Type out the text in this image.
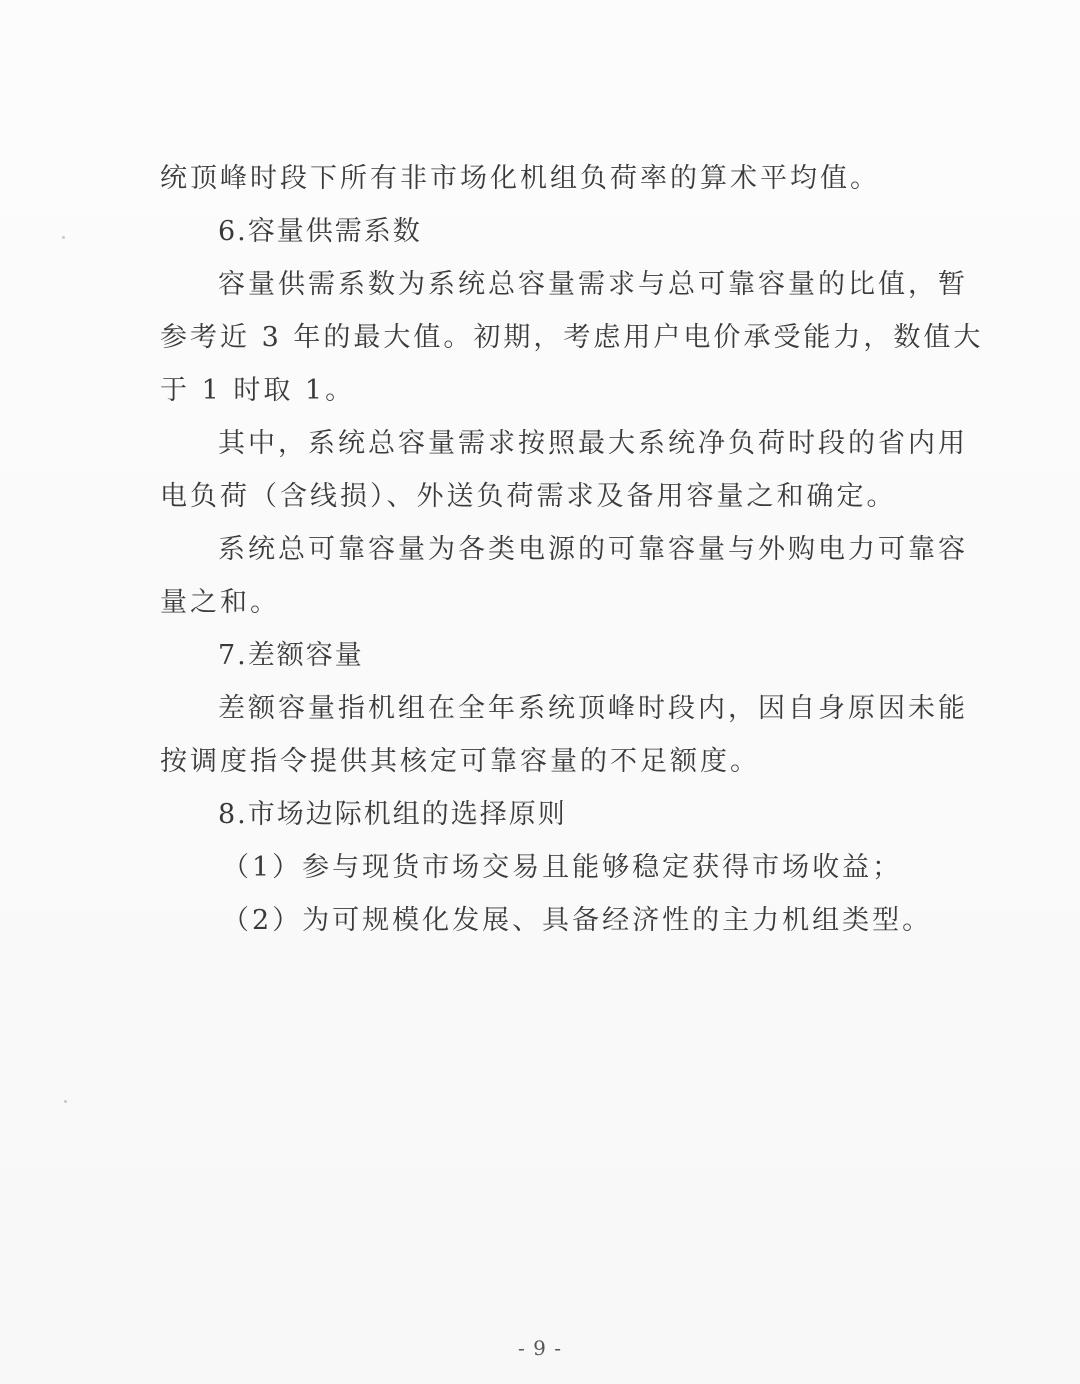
统顶峰时段下所有非市场化机组负荷率的算术平均值。
6.容量供需系数
容量供需系数为系统总容量需求与总可靠容量的比值，暂
参考近 3 年的最大值。初期，考虑用户电价承受能力，数值大
于 1 时取 1。
其中，系统总容量需求按照最大系统净负荷时段的省内用
电负荷（含线损）、外送负荷需求及备用容量之和确定。
系统总可靠容量为各类电源的可靠容量与外购电力可靠容
量之和。
7.差额容量
差额容量指机组在全年系统顶峰时段内，因自身原因未能
按调度指令提供其核定可靠容量的不足额度。
8.市场边际机组的选择原则
（1）参与现货市场交易且能够稳定获得市场收益；
（2）为可规模化发展、具备经济性的主力机组类型。
- 9 -
